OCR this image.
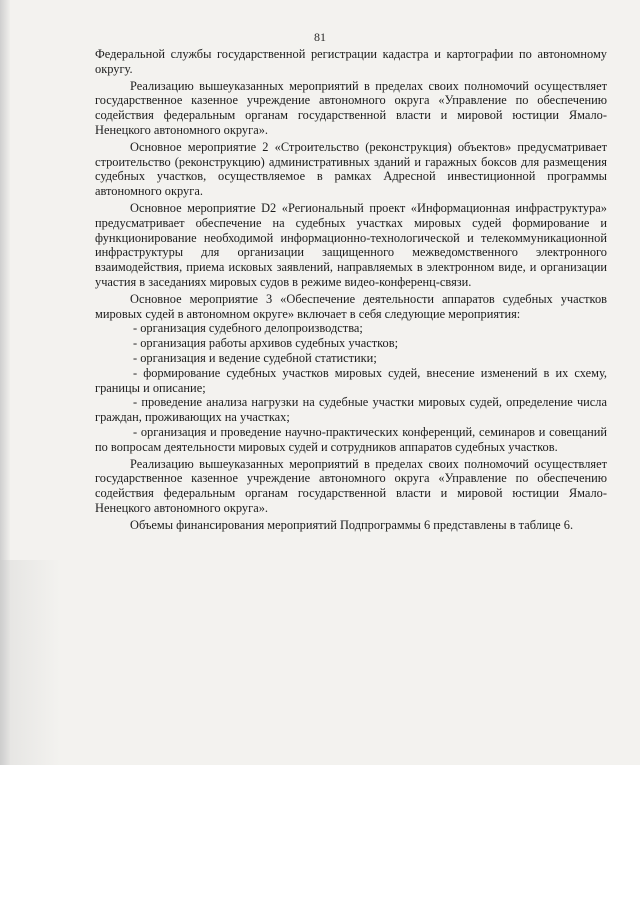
81

Федеральной службы государственной регистрации кадастра и картографии по автономному округу.

Реализацию вышеуказанных мероприятий в пределах своих полномочий осуществляет государственное казенное учреждение автономного округа «Управление по обеспечению содействия федеральным органам государственной власти и мировой юстиции Ямало-Ненецкого автономного округа».

Основное мероприятие 2 «Строительство (реконструкция) объектов» предусматривает строительство (реконструкцию) административных зданий и гаражных боксов для размещения судебных участков, осуществляемое в рамках Адресной инвестиционной программы автономного округа.

Основное мероприятие D2 «Региональный проект «Информационная инфраструктура» предусматривает обеспечение на судебных участках мировых судей формирование и функционирование необходимой информационно-технологической и телекоммуникационной инфраструктуры для организации защищенного межведомственного электронного взаимодействия, приема исковых заявлений, направляемых в электронном виде, и организации участия в заседаниях мировых судов в режиме видео-конференц-связи.

Основное мероприятие 3 «Обеспечение деятельности аппаратов судебных участков мировых судей в автономном округе» включает в себя следующие мероприятия:

- организация судебного делопроизводства;

- организация работы архивов судебных участков;

- организация и ведение судебной статистики;

- формирование судебных участков мировых судей, внесение изменений в их схему, границы и описание;

- проведение анализа нагрузки на судебные участки мировых судей, определение числа граждан, проживающих на участках;

- организация и проведение научно-практических конференций, семинаров и совещаний по вопросам деятельности мировых судей и сотрудников аппаратов судебных участков.

Реализацию вышеуказанных мероприятий в пределах своих полномочий осуществляет государственное казенное учреждение автономного округа «Управление по обеспечению содействия федеральным органам государственной власти и мировой юстиции Ямало-Ненецкого автономного округа».

Объемы финансирования мероприятий Подпрограммы 6 представлены в таблице 6.
